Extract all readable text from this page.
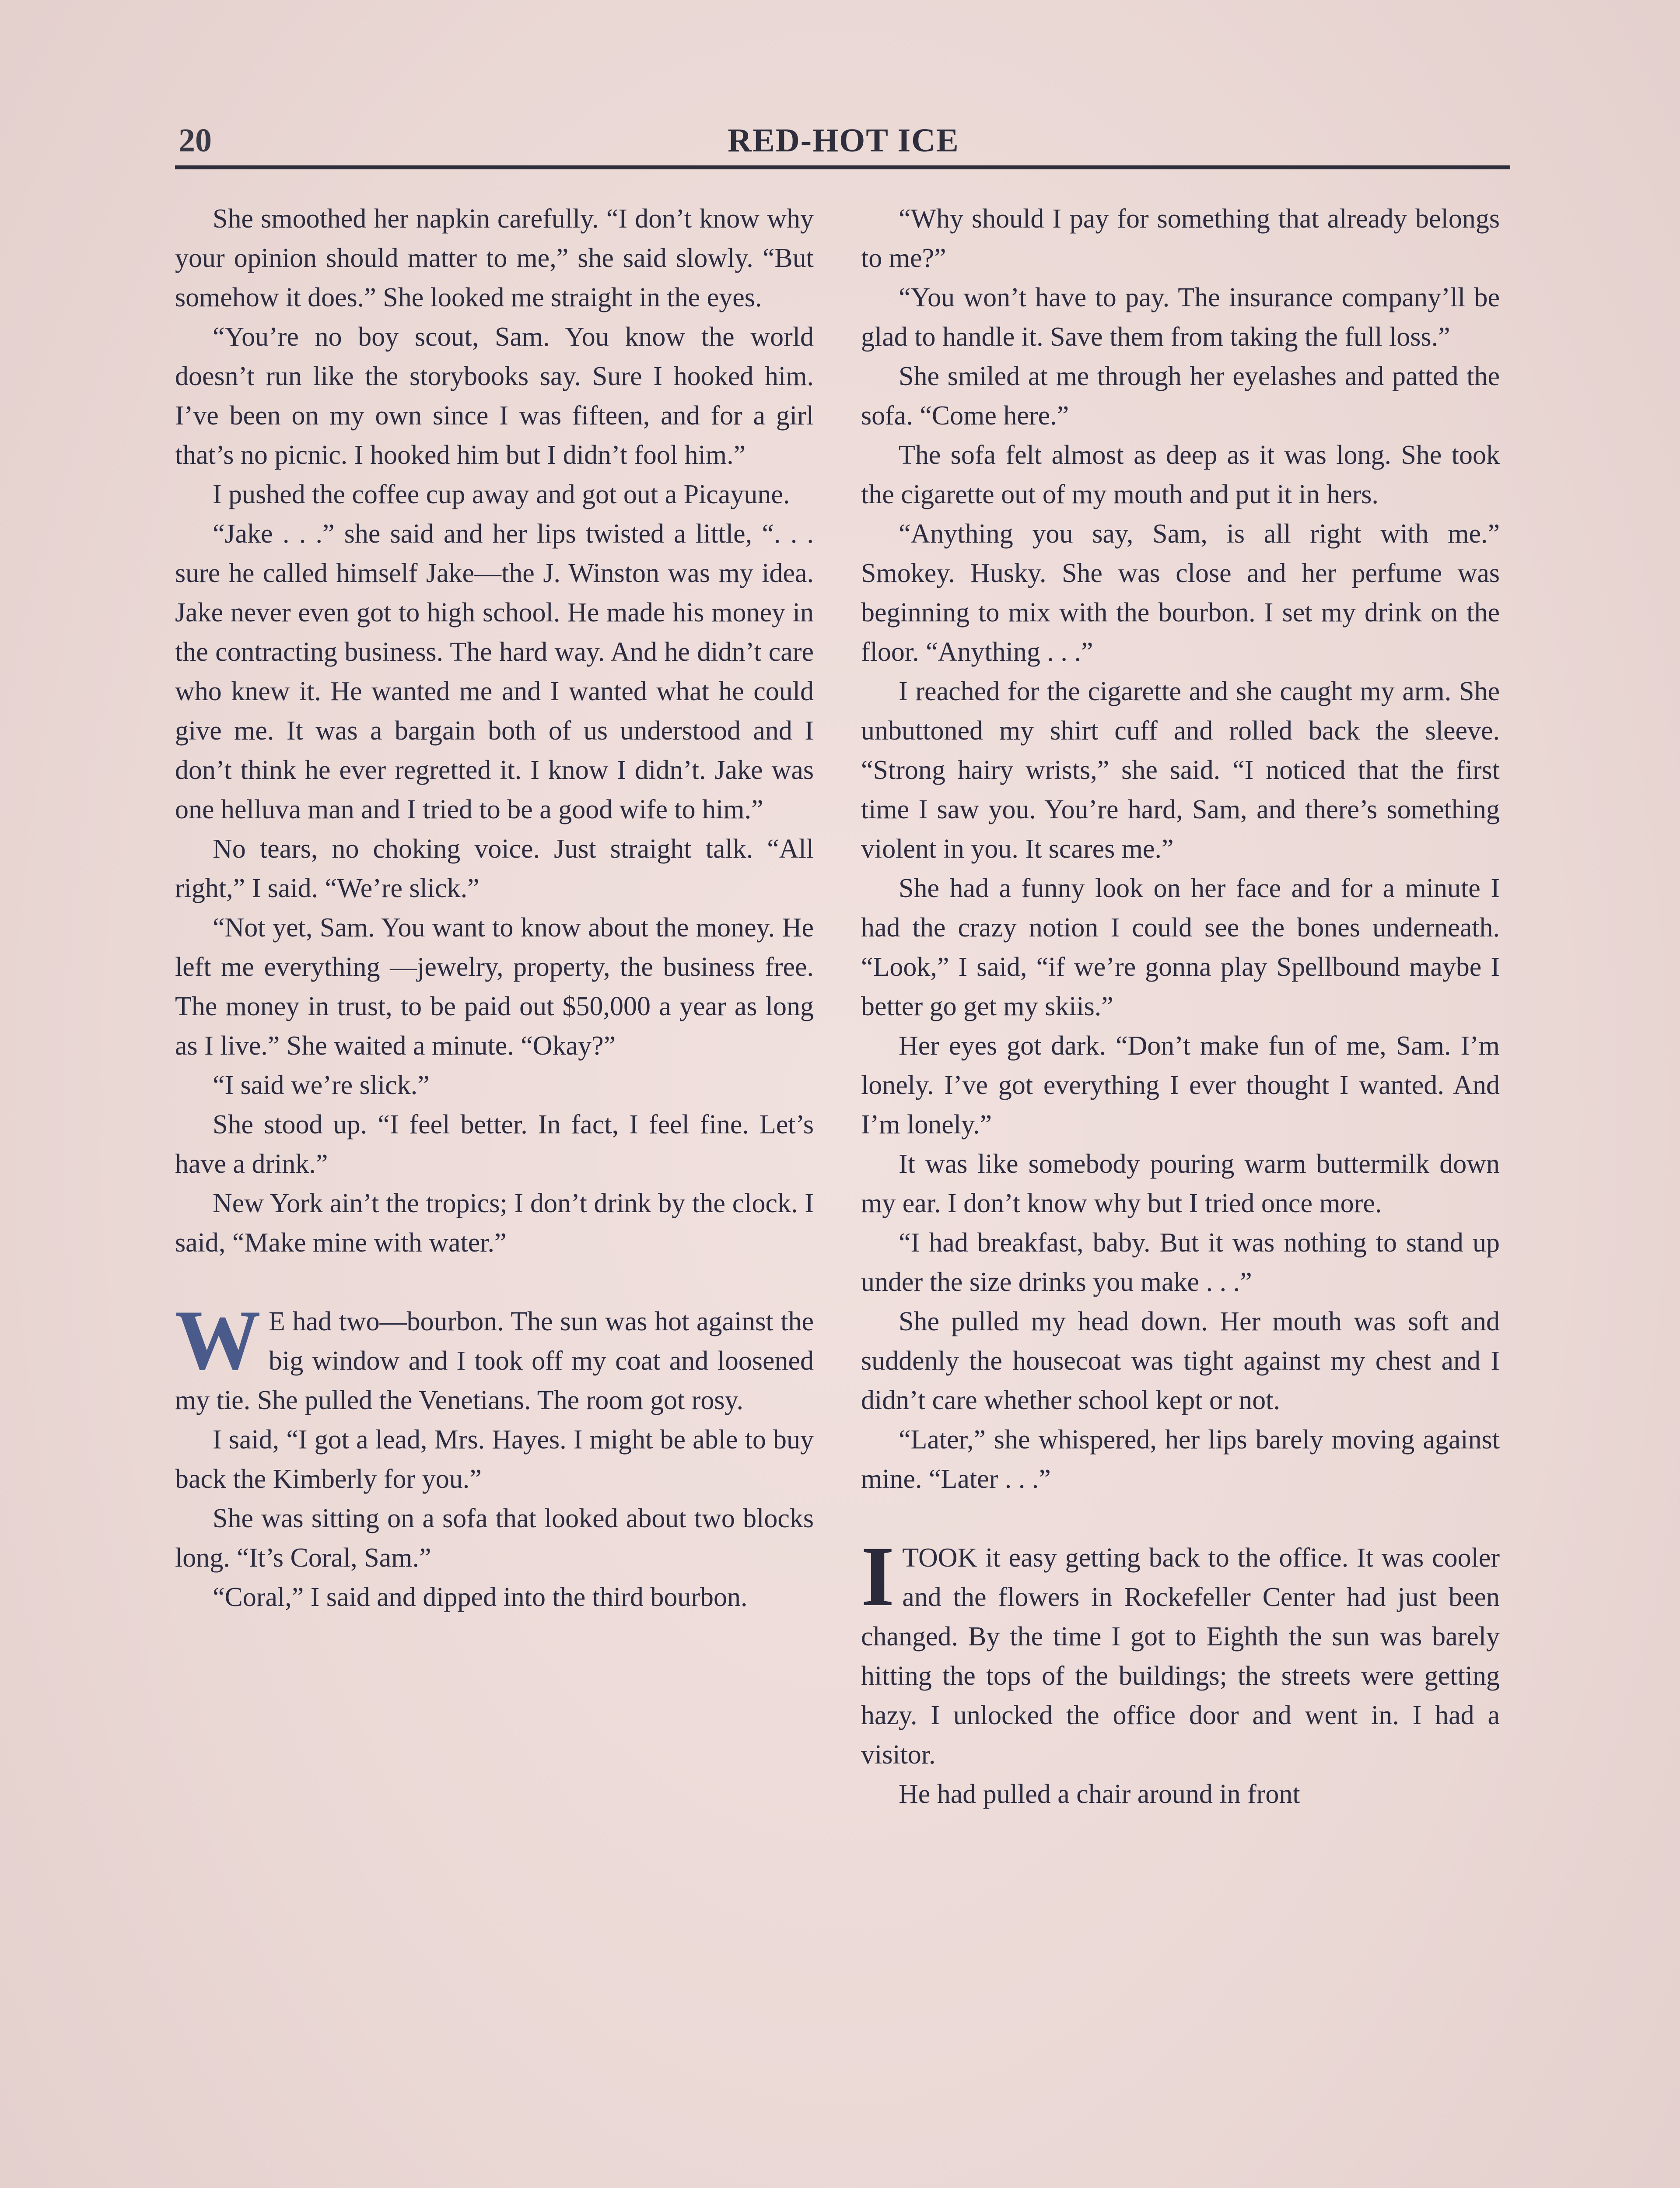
20	RED-HOT ICE

She smoothed her napkin carefully. “I don’t know why your opinion should matter to me,” she said slowly. “But somehow it does.” She looked me straight in the eyes.

“You’re no boy scout, Sam. You know the world doesn’t run like the storybooks say. Sure I hooked him. I’ve been on my own since I was fifteen, and for a girl that’s no picnic. I hooked him but I didn’t fool him.”

I pushed the coffee cup away and got out a Picayune.

“Jake . . .” she said and her lips twisted a little, “. . . sure he called himself Jake—the J. Winston was my idea. Jake never even got to high school. He made his money in the contracting business. The hard way. And he didn’t care who knew it. He wanted me and I wanted what he could give me. It was a bargain both of us understood and I don’t think he ever regretted it. I know I didn’t. Jake was one helluva man and I tried to be a good wife to him.”

No tears, no choking voice. Just straight talk. “All right,” I said. “We’re slick.”

“Not yet, Sam. You want to know about the money. He left me everything —jewelry, property, the business free. The money in trust, to be paid out $50,000 a year as long as I live.” She waited a minute. “Okay?”

“I said we’re slick.”

She stood up. “I feel better. In fact, I feel fine. Let’s have a drink.”

New York ain’t the tropics; I don’t drink by the clock. I said, “Make mine with water.”

W E had two—bourbon. The sun was hot against the big window and I took off my coat and loosened my tie. She pulled the Venetians. The room got rosy.

I said, “I got a lead, Mrs. Hayes. I might be able to buy back the Kimberly for you.”

She was sitting on a sofa that looked about two blocks long. “It’s Coral, Sam.”

“Coral,” I said and dipped into the third bourbon.

“Why should I pay for something that already belongs to me?”

“You won’t have to pay. The insurance company’ll be glad to handle it. Save them from taking the full loss.”

She smiled at me through her eyelashes and patted the sofa. “Come here.”

The sofa felt almost as deep as it was long. She took the cigarette out of my mouth and put it in hers.

“Anything you say, Sam, is all right with me.” Smokey. Husky. She was close and her perfume was beginning to mix with the bourbon. I set my drink on the floor. “Anything . . .”

I reached for the cigarette and she caught my arm. She unbuttoned my shirt cuff and rolled back the sleeve. “Strong hairy wrists,” she said. “I noticed that the first time I saw you. You’re hard, Sam, and there’s something violent in you. It scares me.”

She had a funny look on her face and for a minute I had the crazy notion I could see the bones underneath. “Look,” I said, “if we’re gonna play Spellbound maybe I better go get my skiis.”

Her eyes got dark. “Don’t make fun of me, Sam. I’m lonely. I’ve got everything I ever thought I wanted. And I’m lonely.”

It was like somebody pouring warm buttermilk down my ear. I don’t know why but I tried once more.

“I had breakfast, baby. But it was nothing to stand up under the size drinks you make . . .”

She pulled my head down. Her mouth was soft and suddenly the housecoat was tight against my chest and I didn’t care whether school kept or not.

“Later,” she whispered, her lips barely moving against mine. “Later . . .”

ITOOK it easy getting back to the office. It was cooler and the flowers in Rockefeller Center had just been changed. By the time I got to Eighth the sun was barely hitting the tops of the buildings; the streets were getting hazy. I unlocked the office door and went in. I had a visitor.

He had pulled a chair around in front
